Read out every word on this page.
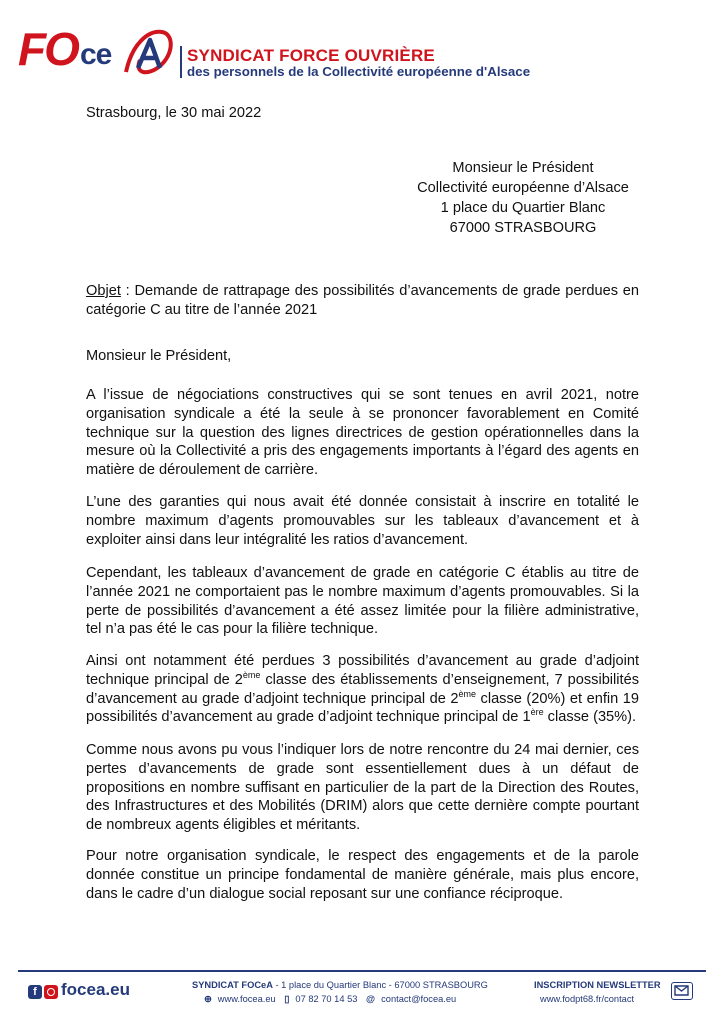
FO ce	SYNDICAT FORCE OUVRIÈRE
des personnels de la Collectivité européenne d'Alsace
Strasbourg, le 30 mai 2022
Monsieur le Président
Collectivité européenne d’Alsace
1 place du Quartier Blanc
67000 STRASBOURG
Objet : Demande de rattrapage des possibilités d’avancements de grade perdues en catégorie C au titre de l’année 2021
Monsieur le Président,
A l’issue de négociations constructives qui se sont tenues en avril 2021, notre organisation syndicale a été la seule à se prononcer favorablement en Comité technique sur la question des lignes directrices de gestion opérationnelles dans la mesure où la Collectivité a pris des engagements importants à l’égard des agents en matière de déroulement de carrière.
L’une des garanties qui nous avait été donnée consistait à inscrire en totalité le nombre maximum d’agents promouvables sur les tableaux d’avancement et à exploiter ainsi dans leur intégralité les ratios d’avancement.
Cependant, les tableaux d’avancement de grade en catégorie C établis au titre de l’année 2021 ne comportaient pas le nombre maximum d’agents promouvables. Si la perte de possibilités d’avancement a été assez limitée pour la filière administrative, tel n’a pas été le cas pour la filière technique.
Ainsi ont notamment été perdues 3 possibilités d’avancement au grade d’adjoint technique principal de 2ème classe des établissements d’enseignement, 7 possibilités d’avancement au grade d’adjoint technique principal de 2ème classe (20%) et enfin 19 possibilités d’avancement au grade d’adjoint technique principal de 1ère classe (35%).
Comme nous avons pu vous l’indiquer lors de notre rencontre du 24 mai dernier, ces pertes d’avancements de grade sont essentiellement dues à un défaut de propositions en nombre suffisant en particulier de la part de la Direction des Routes, des Infrastructures et des Mobilités (DRIM) alors que cette dernière compte pourtant de nombreux agents éligibles et méritants.
Pour notre organisation syndicale, le respect des engagements et de la parole donnée constitue un principe fondamental de manière générale, mais plus encore, dans le cadre d’un dialogue social reposant sur une confiance réciproque.
f	focea.eu	SYNDICAT FOCeA - 1 place du Quartier Blanc - 67000 STRASBOURG
⊕ www.focea.eu ▯ 07 82 70 14 53 @ contact@focea.eu
INSCRIPTION NEWSLETTER
www.fodpt68.fr/contact
